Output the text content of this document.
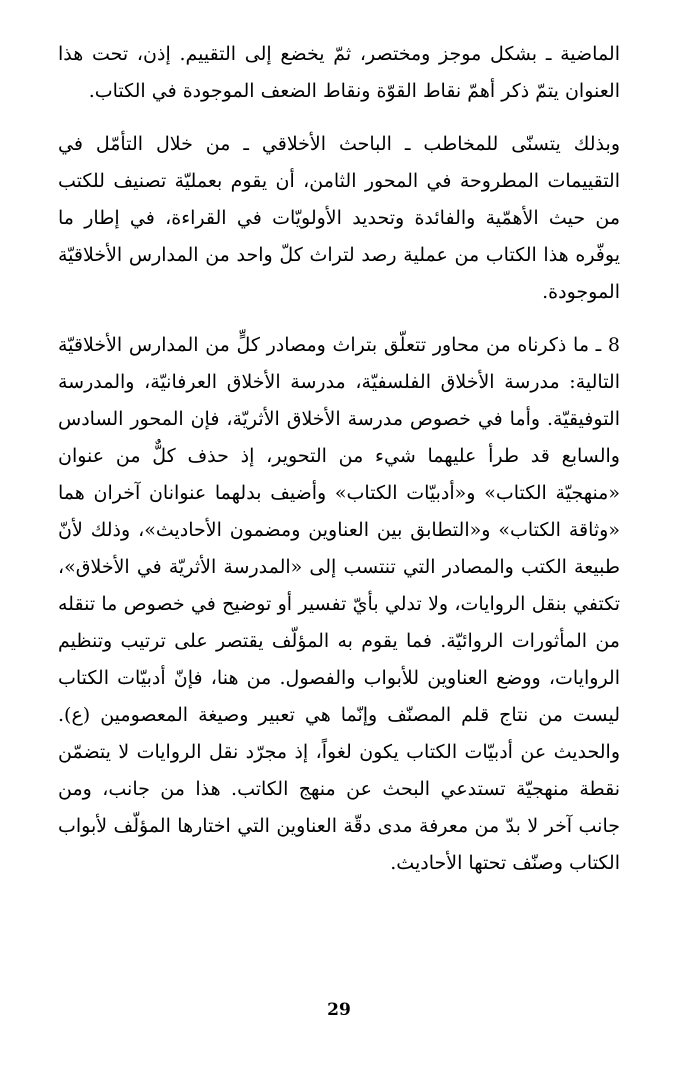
الماضية ـ بشكل موجز ومختصر، ثمّ يخضع إلى التقييم. إذن، تحت هذا العنوان يتمّ ذكر أهمّ نقاط القوّة ونقاط الضعف الموجودة في الكتاب.

وبذلك يتسنّى للمخاطب ـ الباحث الأخلاقي ـ من خلال التأمّل في التقييمات المطروحة في المحور الثامن، أن يقوم بعمليّة تصنيف للكتب من حيث الأهمّية والفائدة وتحديد الأولويّات في القراءة، في إطار ما يوفّره هذا الكتاب من عملية رصد لتراث كلّ واحد من المدارس الأخلاقيّة الموجودة.

8 ـ ما ذكرناه من محاور تتعلّق بتراث ومصادر كلٍّ من المدارس الأخلاقيّة التالية: مدرسة الأخلاق الفلسفيّة، مدرسة الأخلاق العرفانيّة، والمدرسة التوفيقيّة. وأما في خصوص مدرسة الأخلاق الأثريّة، فإن المحور السادس والسابع قد طرأ عليهما شيء من التحوير، إذ حذف كلٌّ من عنوان «منهجيّة الكتاب» و«أدبيّات الكتاب» وأضيف بدلهما عنوانان آخران هما «وثاقة الكتاب» و«التطابق بين العناوين ومضمون الأحاديث»، وذلك لأنّ طبيعة الكتب والمصادر التي تنتسب إلى «المدرسة الأثريّة في الأخلاق»، تكتفي بنقل الروايات، ولا تدلي بأيّ تفسير أو توضيح في خصوص ما تنقله من المأثورات الروائيّة. فما يقوم به المؤلّف يقتصر على ترتيب وتنظيم الروايات، ووضع العناوين للأبواب والفصول. من هنا، فإنّ أدبيّات الكتاب ليست من نتاج قلم المصنّف وإنّما هي تعبير وصيغة المعصومين (ع). والحديث عن أدبيّات الكتاب يكون لغواً، إذ مجرّد نقل الروايات لا يتضمّن نقطة منهجيّة تستدعي البحث عن منهج الكاتب. هذا من جانب، ومن جانب آخر لا بدّ من معرفة مدى دقّة العناوين التي اختارها المؤلّف لأبواب الكتاب وصنّف تحتها الأحاديث.

29
